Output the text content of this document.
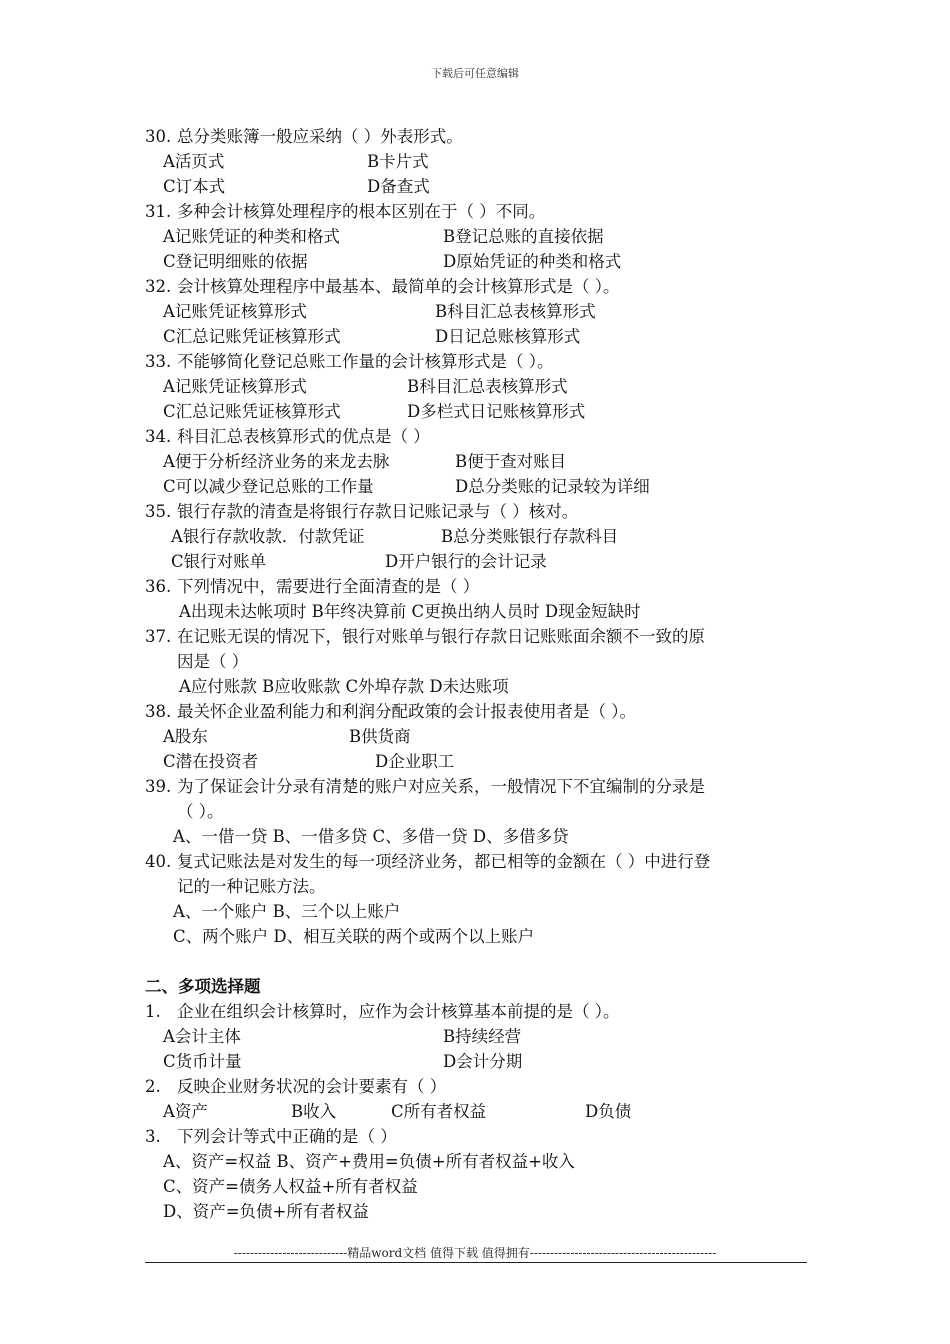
下载后可任意编辑
30. 总分类账簿一般应采纳（ ）外表形式。
A活页式	B卡片式
C订本式	D备查式
31. 多种会计核算处理程序的根本区别在于（ ）不同。
A记账凭证的种类和格式	B登记总账的直接依据
C登记明细账的依据	D原始凭证的种类和格式
32. 会计核算处理程序中最基本、最简单的会计核算形式是（ ）。
A记账凭证核算形式	B科目汇总表核算形式
C汇总记账凭证核算形式	D日记总账核算形式
33. 不能够简化登记总账工作量的会计核算形式是（ ）。
A记账凭证核算形式	B科目汇总表核算形式
C汇总记账凭证核算形式	D多栏式日记账核算形式
34. 科目汇总表核算形式的优点是（ ）
A便于分析经济业务的来龙去脉	B便于查对账目
C可以减少登记总账的工作量	D总分类账的记录较为详细
35. 银行存款的清查是将银行存款日记账记录与（ ）核对。
A银行存款收款．付款凭证	B总分类账银行存款科目
C银行对账单	D开户银行的会计记录
36. 下列情况中，需要进行全面清查的是（ ）
A出现未达帐项时 B年终决算前 C更换出纳人员时 D现金短缺时
37. 在记账无误的情况下，银行对账单与银行存款日记账账面余额不一致的原
因是（ ）
A应付账款 B应收账款 C外埠存款 D未达账项
38. 最关怀企业盈利能力和利润分配政策的会计报表使用者是（ ）。
A股东	B供货商
C潜在投资者	D企业职工
39. 为了保证会计分录有清楚的账户对应关系，一般情况下不宜编制的分录是
（ ）。
A、一借一贷 B、一借多贷 C、多借一贷 D、多借多贷
40. 复式记账法是对发生的每一项经济业务，都已相等的金额在（ ）中进行登
记的一种记账方法。
A、一个账户 B、三个以上账户
C、两个账户 D、相互关联的两个或两个以上账户
二、多项选择题
1. 企业在组织会计核算时，应作为会计核算基本前提的是（ ）。
A会计主体	B持续经营
C货币计量	D会计分期
2. 反映企业财务状况的会计要素有（ ）
A资产	B收入	C所有者权益	D负债
3. 下列会计等式中正确的是（ ）
A、资产=权益 B、资产+费用=负债+所有者权益+收入
C、资产=债务人权益+所有者权益
D、资产=负债+所有者权益
----------------------------精品word文档 值得下载 值得拥有----------------------------------------------
